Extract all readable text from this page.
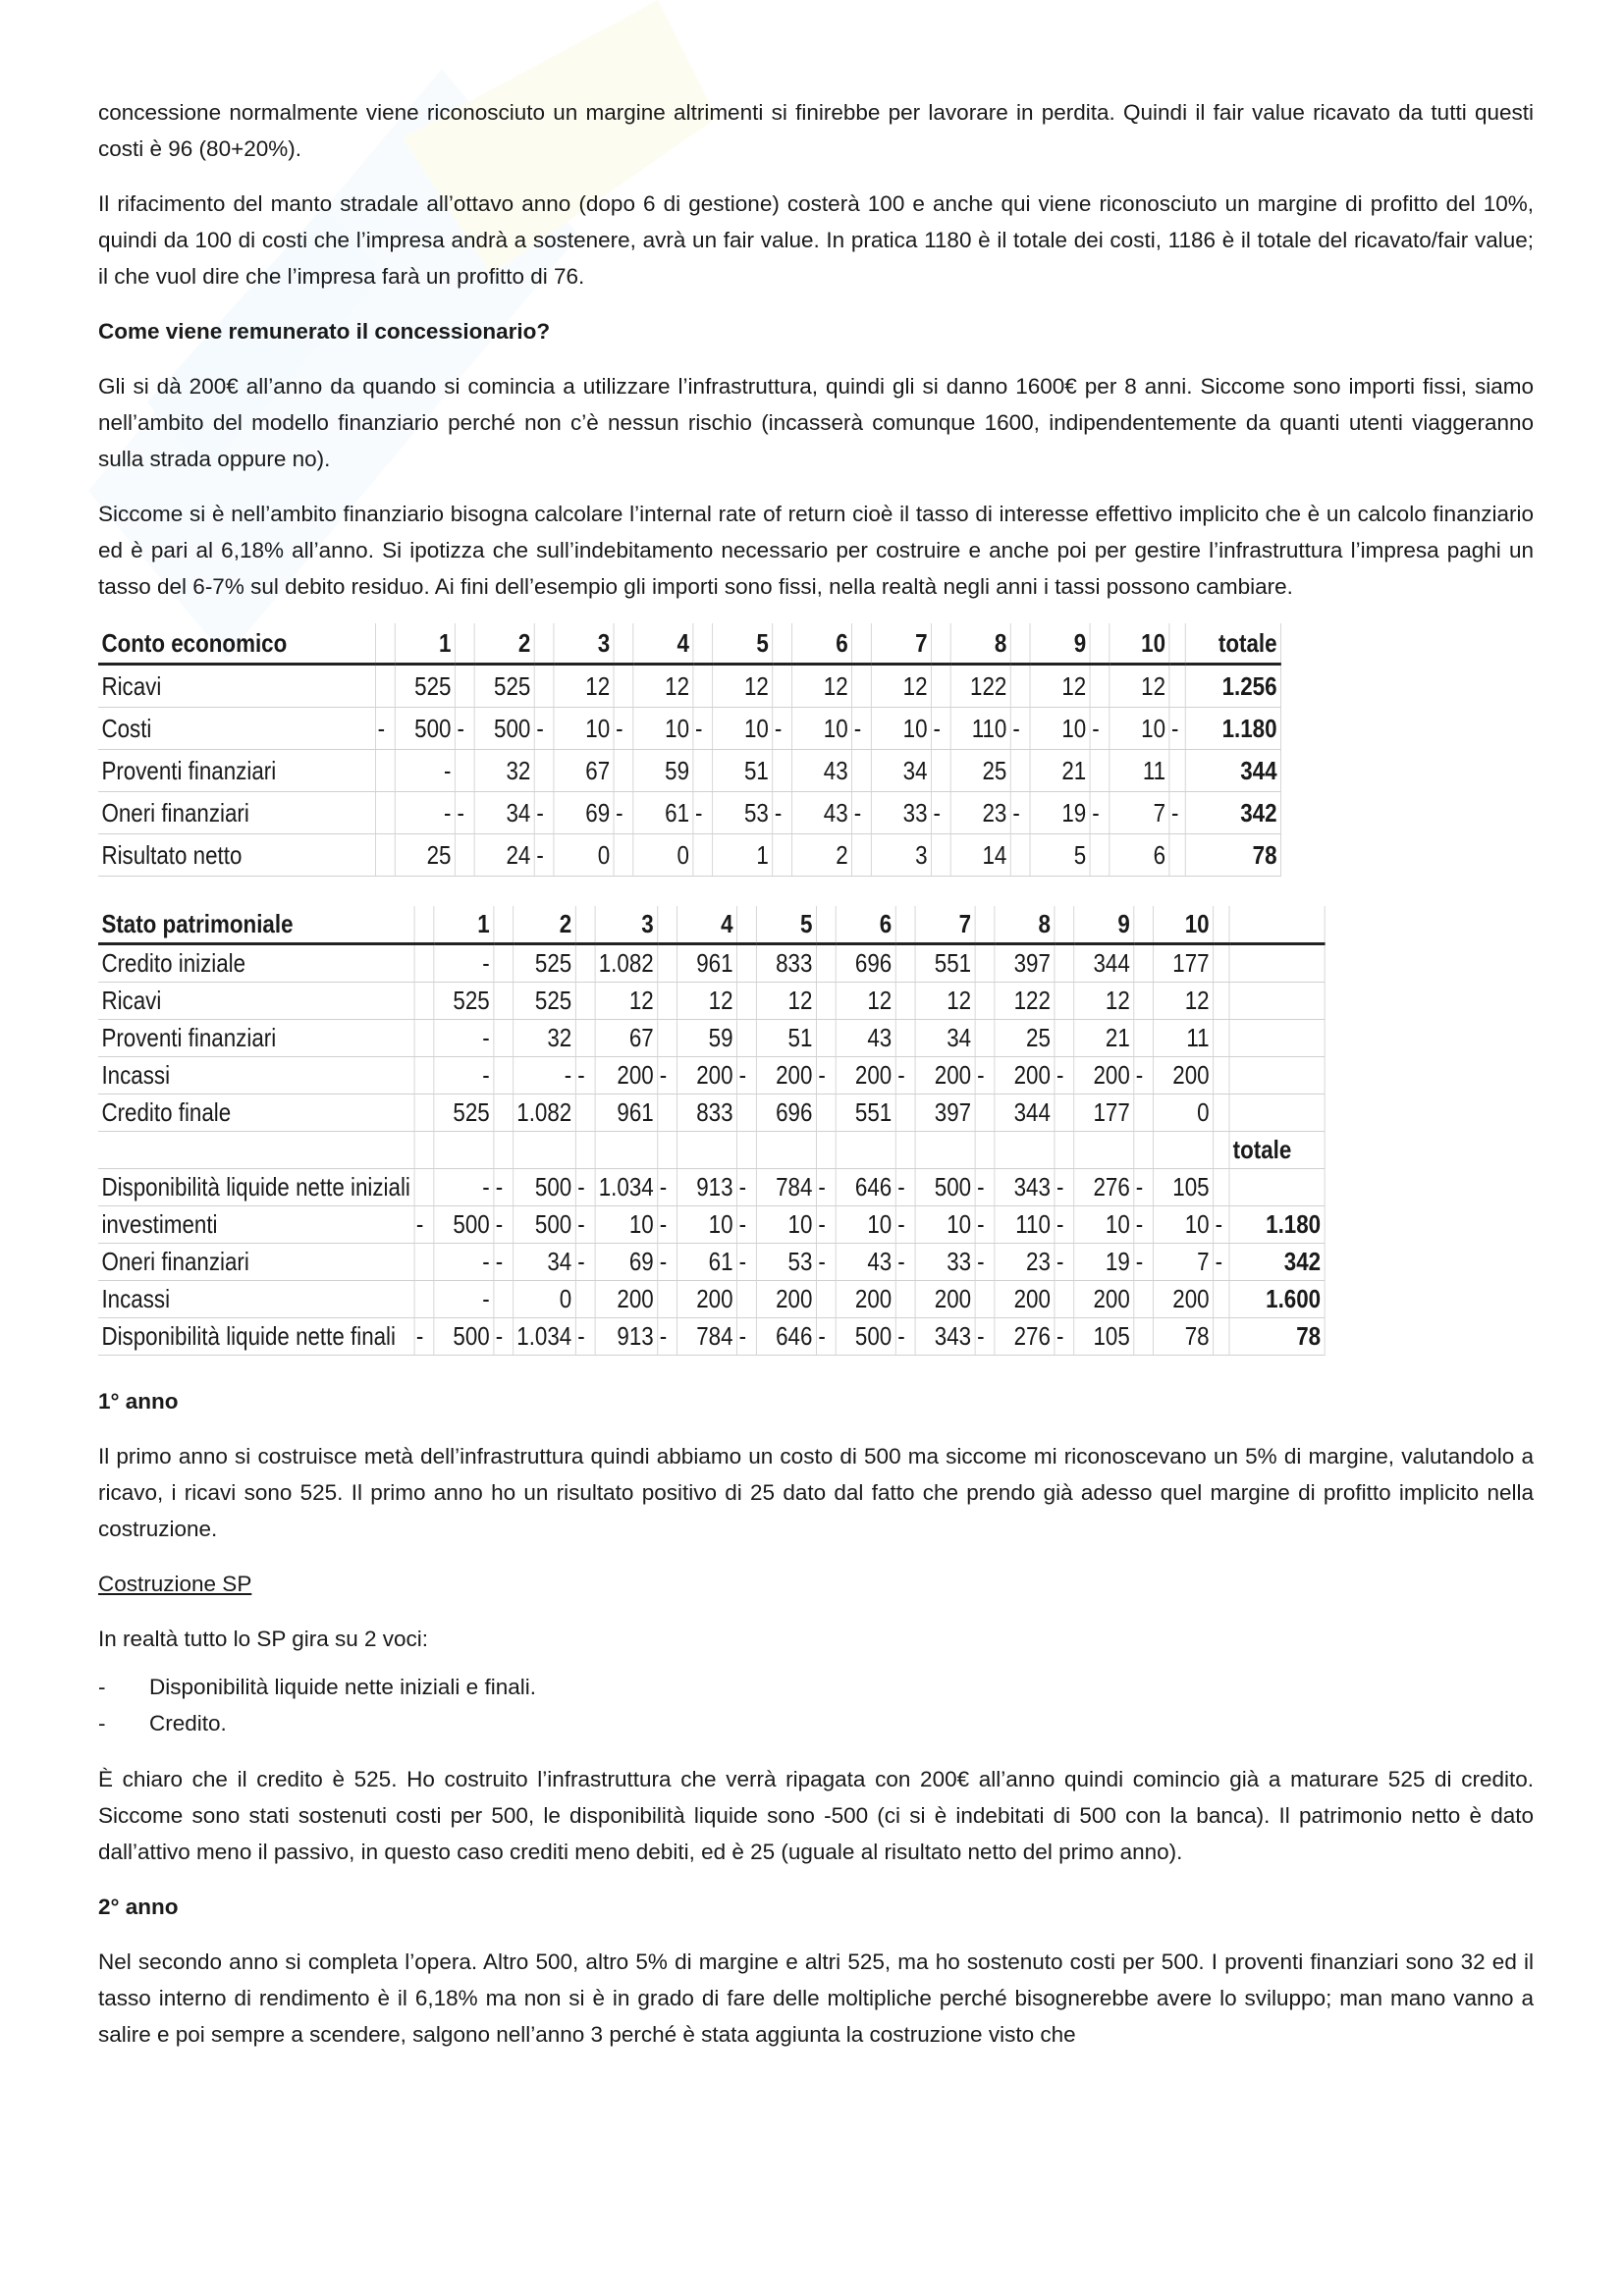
concessione normalmente viene riconosciuto un margine altrimenti si finirebbe per lavorare in perdita. Quindi il fair value ricavato da tutti questi costi è 96 (80+20%).

Il rifacimento del manto stradale all’ottavo anno (dopo 6 di gestione) costerà 100 e anche qui viene riconosciuto un margine di profitto del 10%, quindi da 100 di costi che l’impresa andrà a sostenere, avrà un fair value. In pratica 1180 è il totale dei costi, 1186 è il totale del ricavato/fair value; il che vuol dire che l’impresa farà un profitto di 76.

Come viene remunerato il concessionario?

Gli si dà 200€ all’anno da quando si comincia a utilizzare l’infrastruttura, quindi gli si danno 1600€ per 8 anni. Siccome sono importi fissi, siamo nell’ambito del modello finanziario perché non c’è nessun rischio (incasserà comunque 1600, indipendentemente da quanti utenti viaggeranno sulla strada oppure no).

Siccome si è nell’ambito finanziario bisogna calcolare l’internal rate of return cioè il tasso di interesse effettivo implicito che è un calcolo finanziario ed è pari al 6,18% all’anno. Si ipotizza che sull’indebitamento necessario per costruire e anche poi per gestire l’infrastruttura l’impresa paghi un tasso del 6-7% sul debito residuo. Ai fini dell’esempio gli importi sono fissi, nella realtà negli anni i tassi possono cambiare.

Conto economico		1		2		3		4		5		6		7		8		9		10		totale
Ricavi		525		525		12		12		12		12		12		122		12		12		1.256
Costi	-	500	-	500	-	10	-	10	-	10	-	10	-	10	-	110	-	10	-	10	-	1.180
Proventi finanziari		-		32		67		59		51		43		34		25		21		11		344
Oneri finanziari		-	-	34	-	69	-	61	-	53	-	43	-	33	-	23	-	19	-	7	-	342
Risultato netto		25		24	-	0		0		1		2		3		14		5		6		78
Stato patrimoniale		1		2		3		4		5		6		7		8		9		10		
Credito iniziale		-		525		1.082		961		833		696		551		397		344		177		
Ricavi		525		525		12		12		12		12		12		122		12		12		
Proventi finanziari		-		32		67		59		51		43		34		25		21		11		
Incassi		-		-	-	200	-	200	-	200	-	200	-	200	-	200	-	200	-	200		
Credito finale		525		1.082		961		833		696		551		397		344		177		0		
																						totale
Disponibilità liquide nette iniziali		-	-	500	-	1.034	-	913	-	784	-	646	-	500	-	343	-	276	-	105		
investimenti	-	500	-	500	-	10	-	10	-	10	-	10	-	10	-	110	-	10	-	10	-	1.180
Oneri finanziari		-	-	34	-	69	-	61	-	53	-	43	-	33	-	23	-	19	-	7	-	342
Incassi		-		0		200		200		200		200		200		200		200		200		1.600
Disponibilità liquide nette finali	-	500	-	1.034	-	913	-	784	-	646	-	500	-	343	-	276	-	105		78		78

1° anno

Il primo anno si costruisce metà dell’infrastruttura quindi abbiamo un costo di 500 ma siccome mi riconoscevano un 5% di margine, valutandolo a ricavo, i ricavi sono 525. Il primo anno ho un risultato positivo di 25 dato dal fatto che prendo già adesso quel margine di profitto implicito nella costruzione.

Costruzione SP

In realtà tutto lo SP gira su 2 voci:

- Disponibilità liquide nette iniziali e finali.
- Credito.

È chiaro che il credito è 525. Ho costruito l’infrastruttura che verrà ripagata con 200€ all’anno quindi comincio già a maturare 525 di credito. Siccome sono stati sostenuti costi per 500, le disponibilità liquide sono -500 (ci si è indebitati di 500 con la banca). Il patrimonio netto è dato dall’attivo meno il passivo, in questo caso crediti meno debiti, ed è 25 (uguale al risultato netto del primo anno).

2° anno

Nel secondo anno si completa l’opera. Altro 500, altro 5% di margine e altri 525, ma ho sostenuto costi per 500. I proventi finanziari sono 32 ed il tasso interno di rendimento è il 6,18% ma non si è in grado di fare delle moltipliche perché bisognerebbe avere lo sviluppo; man mano vanno a salire e poi sempre a scendere, salgono nell’anno 3 perché è stata aggiunta la costruzione visto che
